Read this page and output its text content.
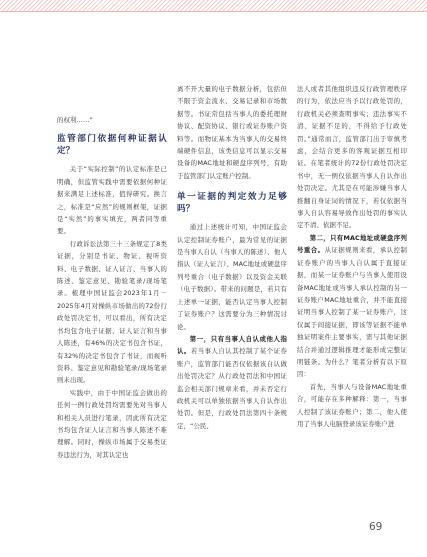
的权利……”

监管部门依据何种证据认定？

关于“实际控制”的认定标准是已明确，但监管实践中需要依据何种证据来满足上述标准，值得研究。换言之，标准是“应然”的规则框架，证据是“实然”的事实填充，两者同等重要。

行政诉讼法第三十三条规定了8类证据，分别是书证、物证、视听资料、电子数据、证人证言、当事人的陈述、鉴定意见、勘验笔录/现场笔录。梳理中国证监会2023年1月－2025年4月对操纵市场做出的72份行政处罚决定书，可以看出，所有决定书均包含电子证据、证人证言和当事人陈述，有46%的决定书包含书证，有32%的决定书包含了书证，而视听资料、鉴定意见和勘验笔录/现场笔录则未出现。

实践中，由于中国证监会做出的任何一例行政处罚均需要先对当事人和相关人员进行笔录，因此所有决定书均包含证人证言和当事人陈述不难理解。同时，操纵市场属于交易类证券违法行为，对其认定也

离不开大量的电子数据分析，包括但不限于资金流水、交易记录和市场数据等。书证常包括当事人的委托理财协议、配资协议、银行或证券账户资料等。而物证基本为当事人的交易终端硬件信息，该类信息可以显示交易设备的MAC地址和硬盘序列号，有助于监管部门认定账户控制。

单一证据的判定效力足够吗？

通过上述统计可知，中国证监会认定控制证券账户，最为常见的证据是当事人自认（当事人的陈述）、他人指认（证人证言）、MAC地址或硬盘序列号重合（电子数据）以及资金关联（电子数据）。带来的问题是，若只有上述单一证据，能否认定当事人控制了证券账户？这需要分为三种情况讨论。

第一，只有当事人自认或他人指认。若当事人自认其控制了某个证券账户，监管部门能否仅依据该自认做出处罚决定？从行政处罚法和中国证监会相关部门规章来看，并未否定行政机关可以单独依据当事人自认作出处罚。但是，行政处罚法第四十条规定，“公民、

法人或者其他组织违反行政管理秩序的行为，依法应当予以行政处罚的，行政机关必须查明事实；违法事实不清、证据不足的，不得给予行政处罚。”通常而言，监管部门出于审慎考虑，会结合更多的客观证据互相印证。在笔者统计的72份行政处罚决定书中，无一例仅依据当事人自认作出处罚决定。尤其是在可能涉嫌当事人推翻自身证词的情况下，若仅依据当事人自认容易导致作出处罚的事实认定不清、依据不足。

第二，只有MAC地址或硬盘序列号重合。从证据规则来看，承认控制证券账户的当事人自认属于直接证据，而某一证券账户与当事人使用设备MAC地址或当事人承认控制的另一证券账户MAC地址重合，并不能直接证明当事人控制了某一证券账户，这仅属于间接证据，即该等证据不能单独证明案件主要事实，需与其他证据结合并通过逻辑推理才能形成完整证明链条。为什么？笔者分析有以下原因：

首先，当事人与设备MAC地址重合，可能存在多种解释：第一，当事人控制了该证券账户；第二，他人使用了当事人电脑登录该证券账户进

69
